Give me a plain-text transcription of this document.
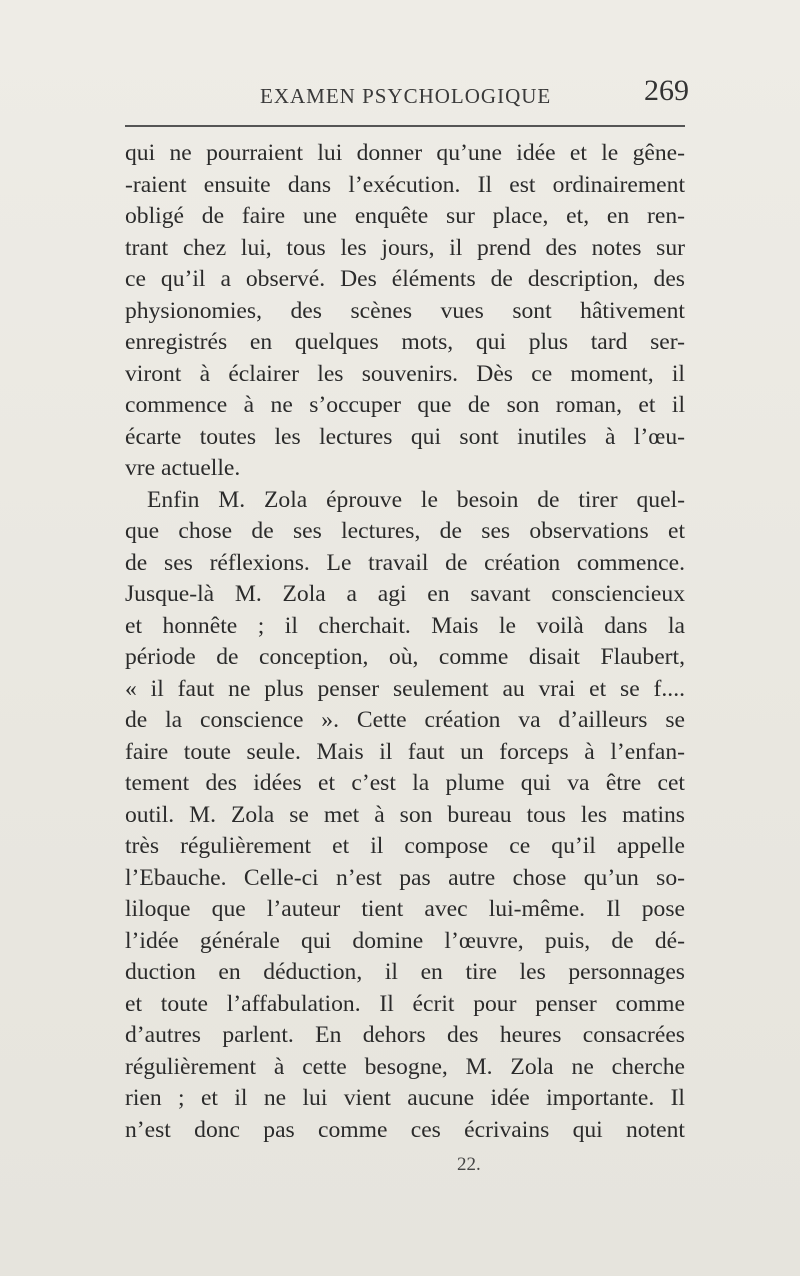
EXAMEN PSYCHOLOGIQUE	269
qui ne pourraient lui donner qu’une idée et le gêne-
-raient ensuite dans l’exécution. Il est ordinairement
obligé de faire une enquête sur place, et, en ren-
trant chez lui, tous les jours, il prend des notes sur
ce qu’il a observé. Des éléments de description, des
physionomies, des scènes vues sont hâtivement
enregistrés en quelques mots, qui plus tard ser-
viront à éclairer les souvenirs. Dès ce moment, il
commence à ne s’occuper que de son roman, et il
écarte toutes les lectures qui sont inutiles à l’œu-
vre actuelle.
Enfin M. Zola éprouve le besoin de tirer quel-
que chose de ses lectures, de ses observations et
de ses réflexions. Le travail de création commence.
Jusque-là M. Zola a agi en savant consciencieux
et honnête ; il cherchait. Mais le voilà dans la
période de conception, où, comme disait Flaubert,
« il faut ne plus penser seulement au vrai et se f....
de la conscience ». Cette création va d’ailleurs se
faire toute seule. Mais il faut un forceps à l’enfan-
tement des idées et c’est la plume qui va être cet
outil. M. Zola se met à son bureau tous les matins
très régulièrement et il compose ce qu’il appelle
l’Ebauche. Celle-ci n’est pas autre chose qu’un so-
liloque que l’auteur tient avec lui-même. Il pose
l’idée générale qui domine l’œuvre, puis, de dé-
duction en déduction, il en tire les personnages
et toute l’affabulation. Il écrit pour penser comme
d’autres parlent. En dehors des heures consacrées
régulièrement à cette besogne, M. Zola ne cherche
rien ; et il ne lui vient aucune idée importante. Il
n’est donc pas comme ces écrivains qui notent
22.
